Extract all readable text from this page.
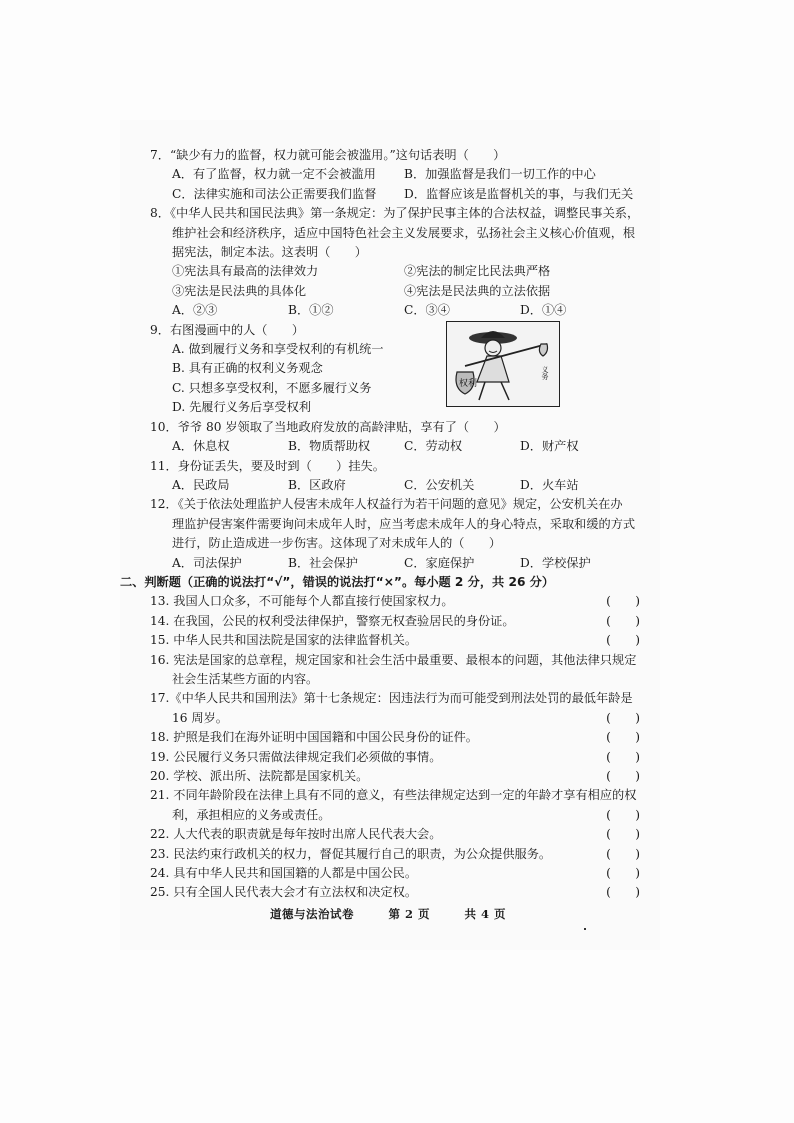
7．“缺少有力的监督，权力就可能会被滥用。”这句话表明（　　）
A．有了监督，权力就一定不会被滥用	B．加强监督是我们一切工作的中心
C．法律实施和司法公正需要我们监督	D．监督应该是监督机关的事，与我们无关
8．《中华人民共和国民法典》第一条规定：为了保护民事主体的合法权益，调整民事关系，
维护社会和经济秩序，适应中国特色社会主义发展要求，弘扬社会主义核心价值观，根
据宪法，制定本法。这表明（　　）
①宪法具有最高的法律效力	②宪法的制定比民法典严格
③宪法是民法典的具体化	④宪法是民法典的立法依据
A．②③	B．①②	C．③④	D．①④
9．右图漫画中的人（　　）
A. 做到履行义务和享受权利的有机统一
B. 具有正确的权利义务观念
C. 只想多享受权利，不愿多履行义务
D. 先履行义务后享受权利
权利
义务
10．爷爷 80 岁领取了当地政府发放的高龄津贴，享有了（　　）
A．休息权	B．物质帮助权	C．劳动权	D．财产权
11．身份证丢失，要及时到（　　）挂失。
A．民政局	B．区政府	C．公安机关	D．火车站
12．《关于依法处理监护人侵害未成年人权益行为若干问题的意见》规定，公安机关在办
理监护侵害案件需要询问未成年人时，应当考虑未成年人的身心特点，采取和缓的方式
进行，防止造成进一步伤害。这体现了对未成年人的（　　）
A．司法保护	B．社会保护	C．家庭保护	D．学校保护
二、判断题（正确的说法打“√”，错误的说法打“×”。每小题 2 分，共 26 分）
13. 我国人口众多，不可能每个人都直接行使国家权力。	(　　)
14. 在我国，公民的权利受法律保护，警察无权查验居民的身份证。	(　　)
15. 中华人民共和国法院是国家的法律监督机关。	(　　)
16. 宪法是国家的总章程，规定国家和社会生活中最重要、最根本的问题，其他法律只规定
社会生活某些方面的内容。
17.《中华人民共和国刑法》第十七条规定：因违法行为而可能受到刑法处罚的最低年龄是
16 周岁。	(　　)
18. 护照是我们在海外证明中国国籍和中国公民身份的证件。	(　　)
19. 公民履行义务只需做法律规定我们必须做的事情。	(　　)
20. 学校、派出所、法院都是国家机关。	(　　)
21. 不同年龄阶段在法律上具有不同的意义，有些法律规定达到一定的年龄才享有相应的权
利，承担相应的义务或责任。	(　　)
22. 人大代表的职责就是每年按时出席人民代表大会。	(　　)
23. 民法约束行政机关的权力，督促其履行自己的职责，为公众提供服务。	(　　)
24. 具有中华人民共和国国籍的人都是中国公民。	(　　)
25. 只有全国人民代表大会才有立法权和决定权。	(　　)
道德与法治试卷	第 2 页	共 4 页
